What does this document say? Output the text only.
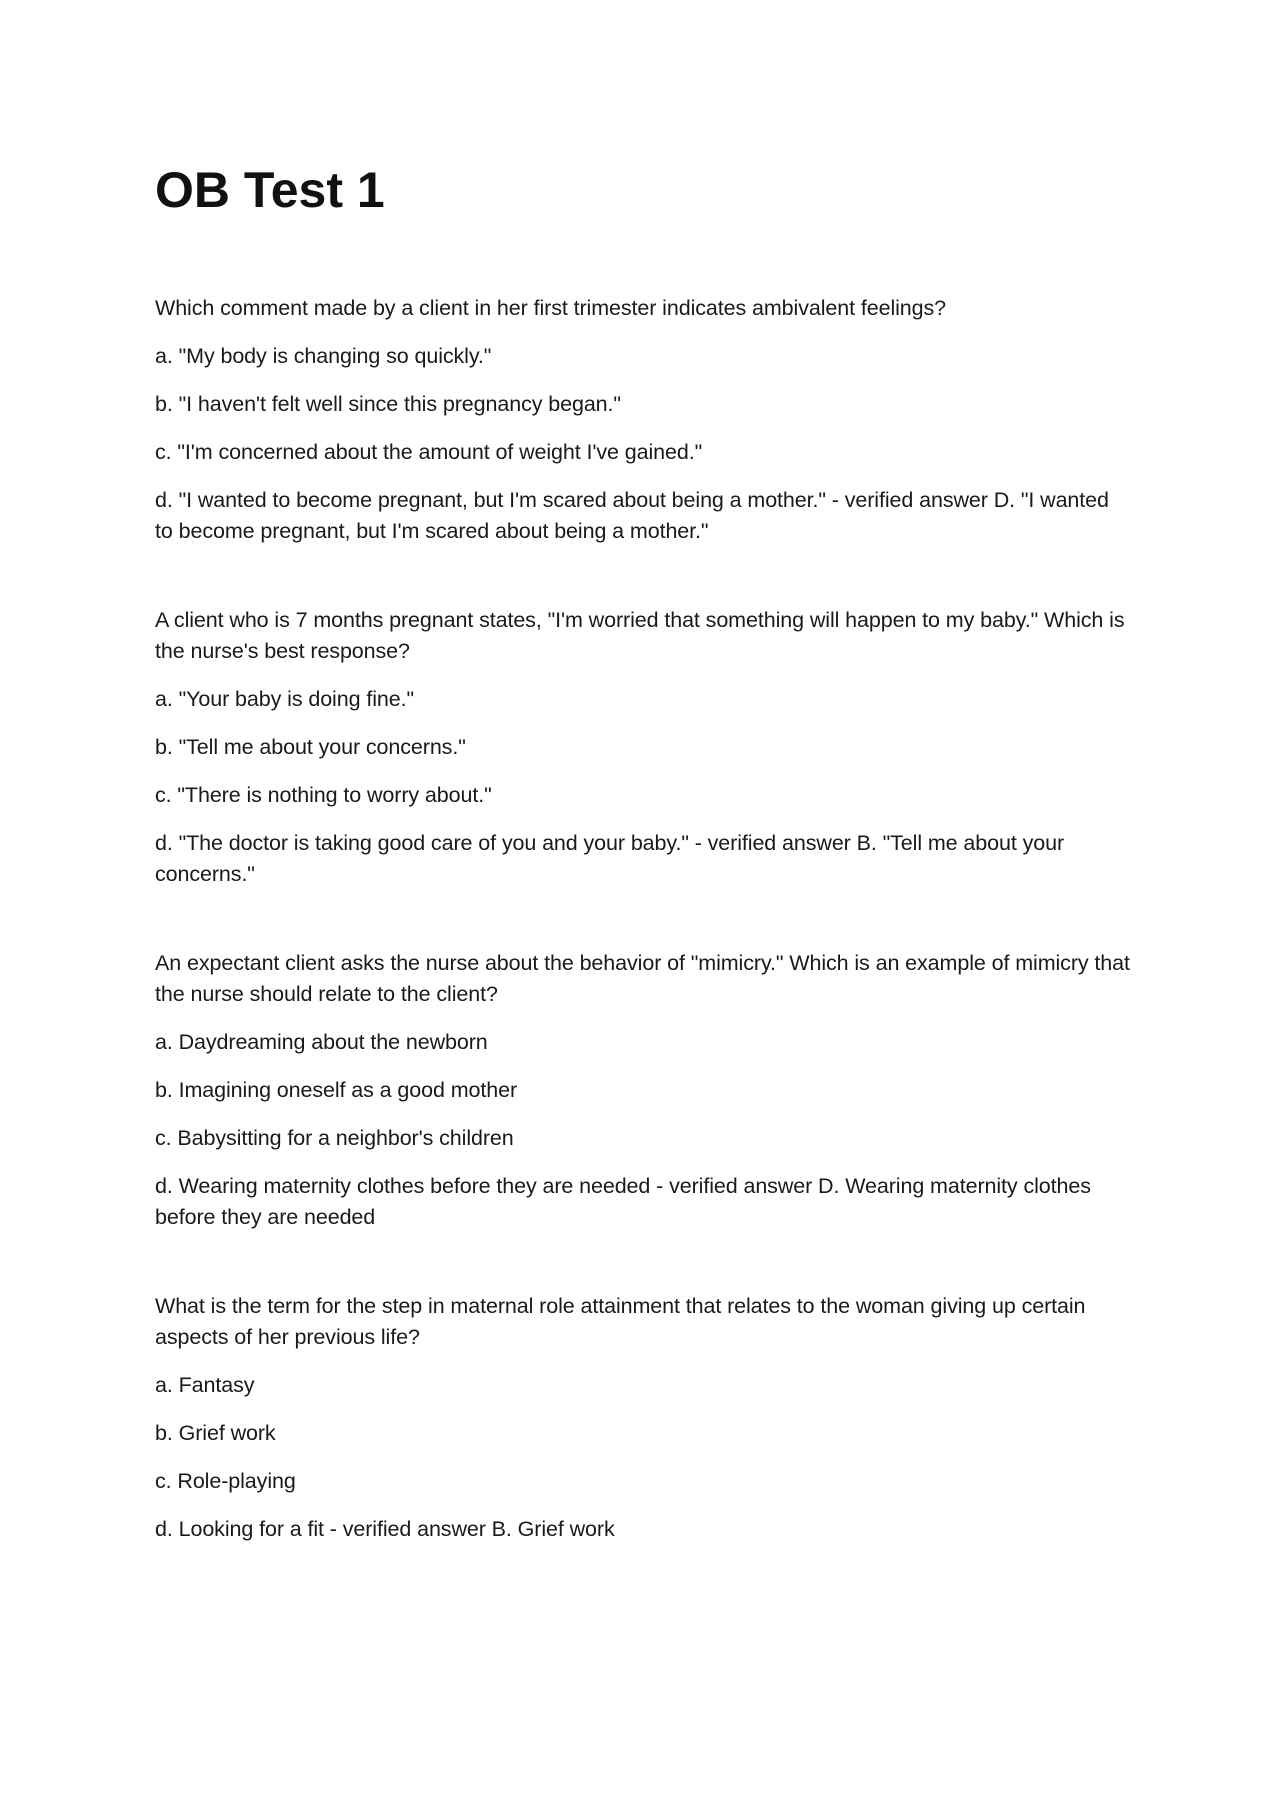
OB Test 1

Which comment made by a client in her first trimester indicates ambivalent feelings?

a. "My body is changing so quickly."

b. "I haven't felt well since this pregnancy began."

c. "I'm concerned about the amount of weight I've gained."

d. "I wanted to become pregnant, but I'm scared about being a mother." - verified answer D. "I wanted to become pregnant, but I'm scared about being a mother."

A client who is 7 months pregnant states, "I'm worried that something will happen to my baby." Which is the nurse's best response?

a. "Your baby is doing fine."

b. "Tell me about your concerns."

c. "There is nothing to worry about."

d. "The doctor is taking good care of you and your baby." - verified answer B. "Tell me about your concerns."

An expectant client asks the nurse about the behavior of "mimicry." Which is an example of mimicry that the nurse should relate to the client?

a. Daydreaming about the newborn

b. Imagining oneself as a good mother

c. Babysitting for a neighbor's children

d. Wearing maternity clothes before they are needed - verified answer D. Wearing maternity clothes before they are needed

What is the term for the step in maternal role attainment that relates to the woman giving up certain aspects of her previous life?

a. Fantasy

b. Grief work

c. Role-playing

d. Looking for a fit - verified answer B. Grief work
